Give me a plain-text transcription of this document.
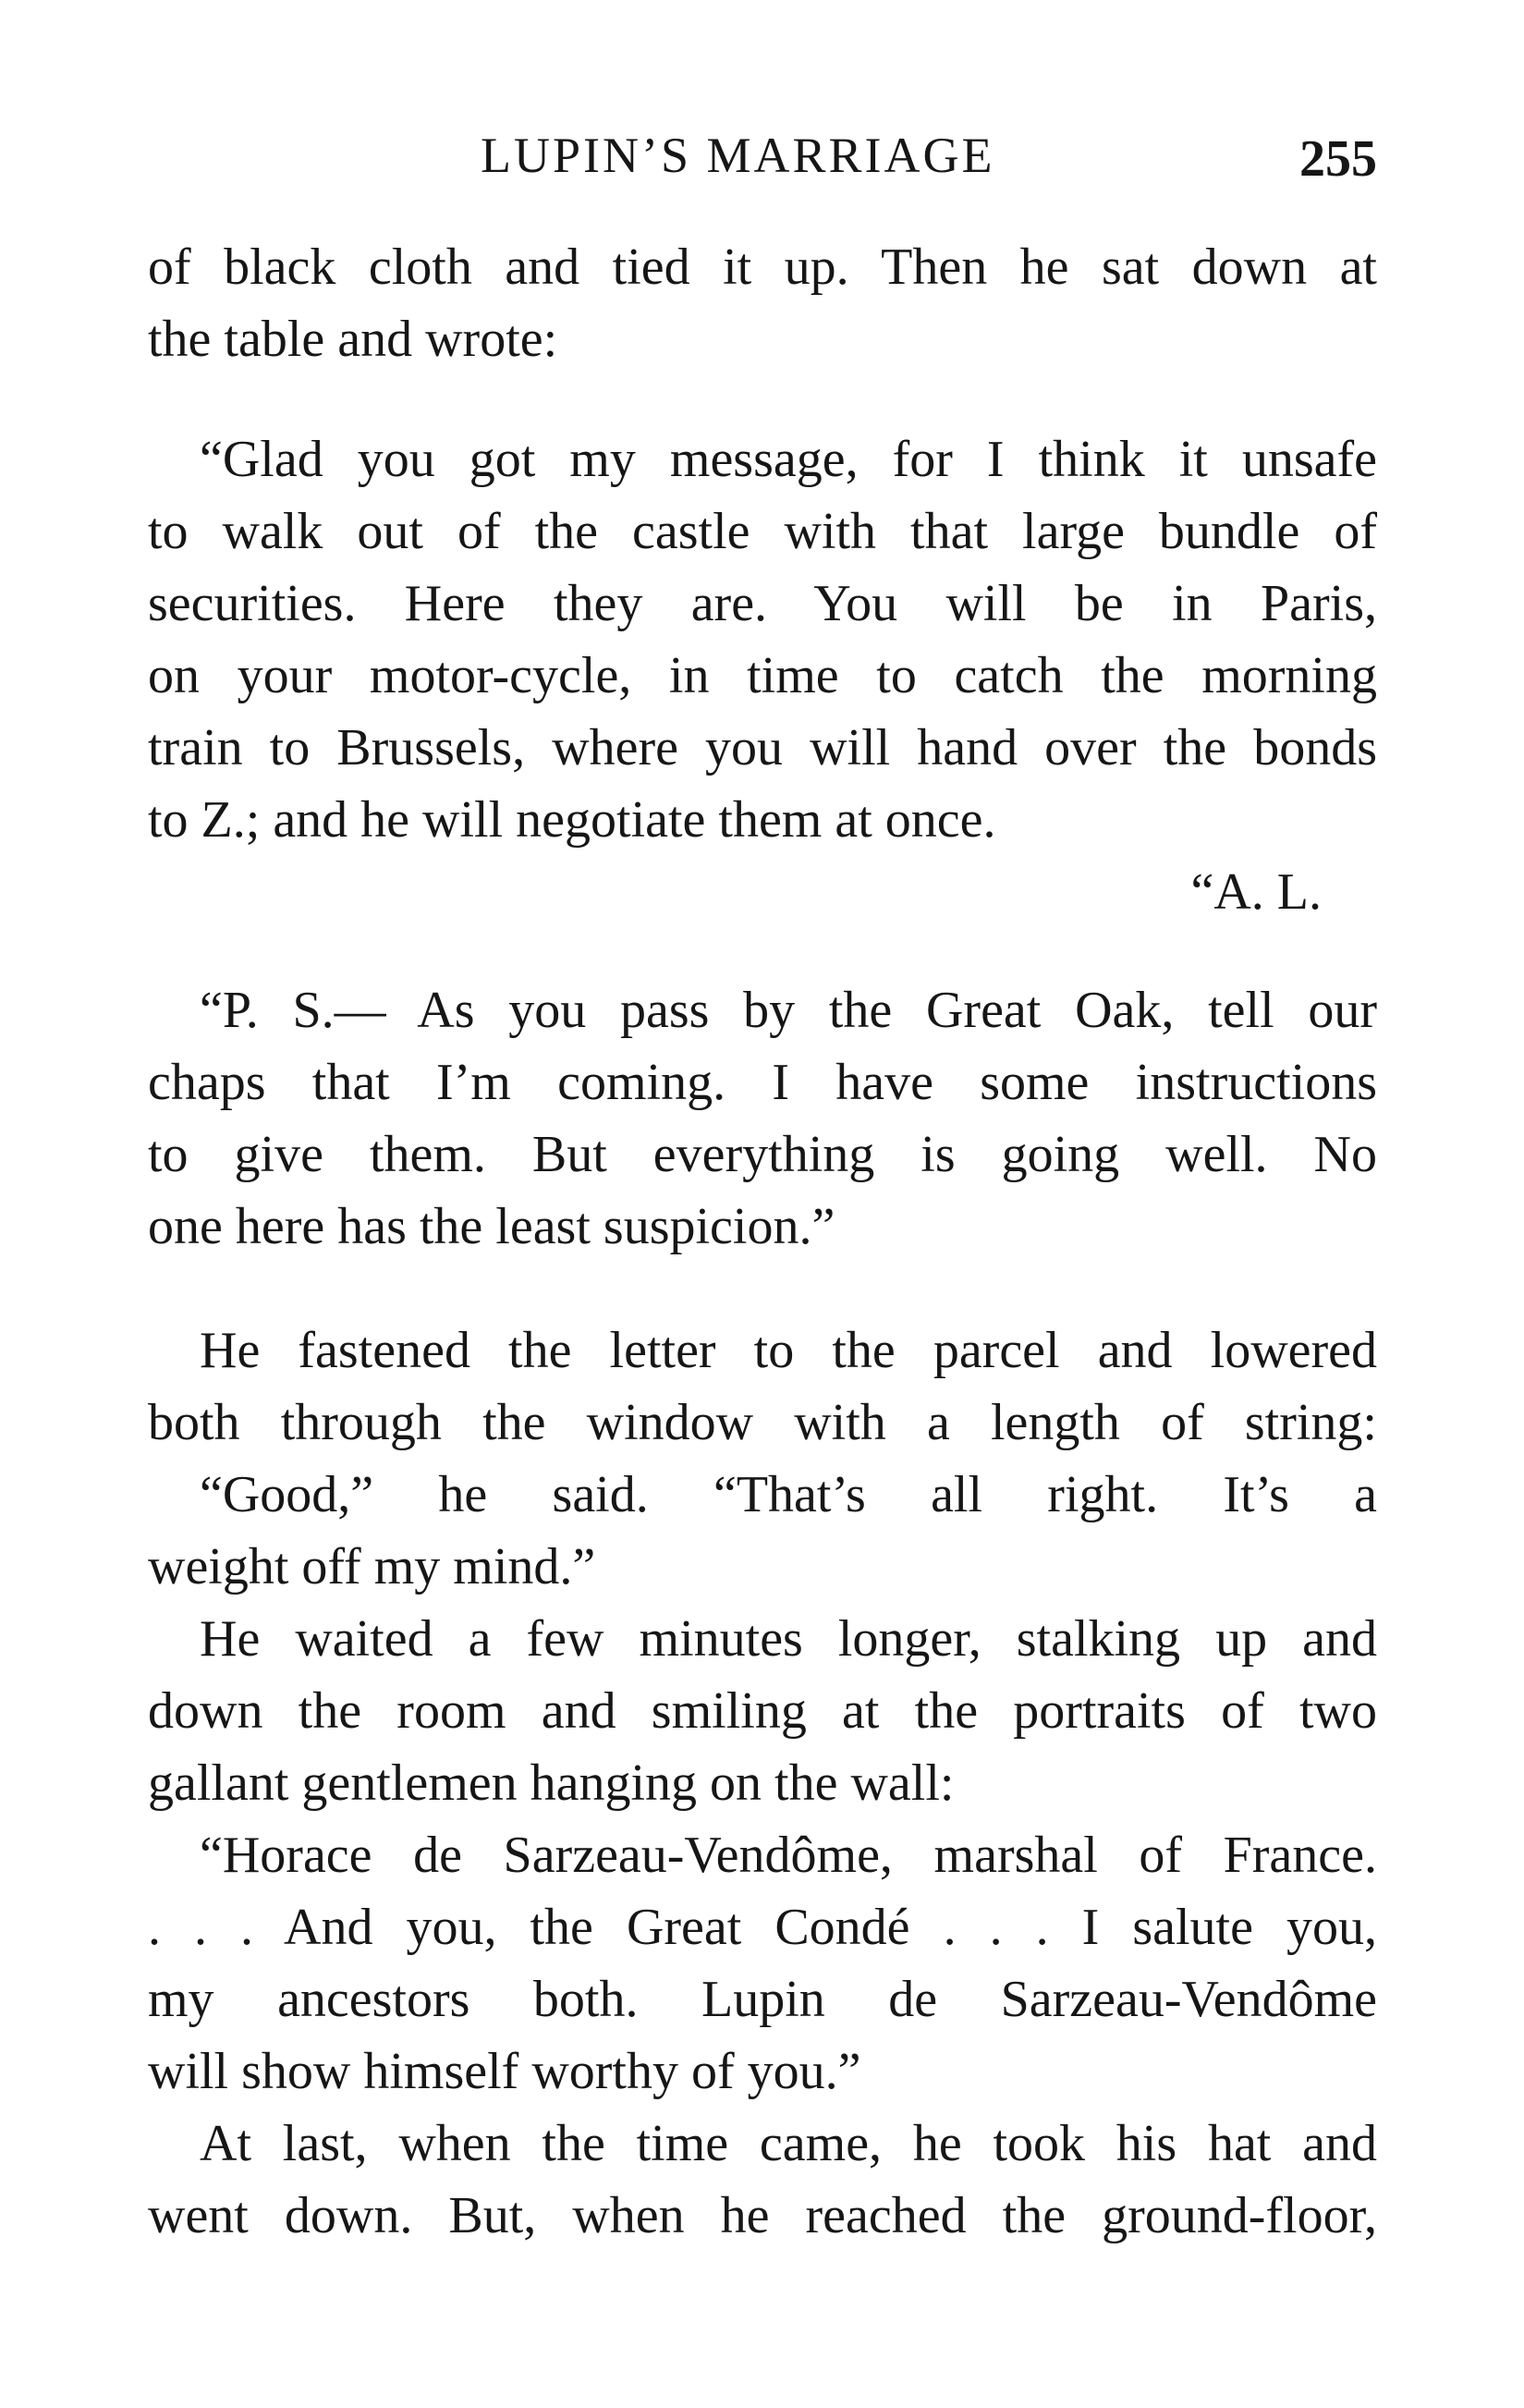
LUPIN’S MARRIAGE	255
of black cloth and tied it up. Then he sat down at
the table and wrote:
“Glad you got my message, for I think it unsafe
to walk out of the castle with that large bundle of
securities. Here they are. You will be in Paris,
on your motor-cycle, in time to catch the morning
train to Brussels, where you will hand over the bonds
to Z.; and he will negotiate them at once.
“A. L.
“P. S.— As you pass by the Great Oak, tell our
chaps that I’m coming. I have some instructions
to give them. But everything is going well. No
one here has the least suspicion.”
He fastened the letter to the parcel and lowered
both through the window with a length of string:
“Good,” he said. “That’s all right. It’s a
weight off my mind.”
He waited a few minutes longer, stalking up and
down the room and smiling at the portraits of two
gallant gentlemen hanging on the wall:
“Horace de Sarzeau-Vendôme, marshal of France.
. . . And you, the Great Condé . . . I salute you,
my ancestors both. Lupin de Sarzeau-Vendôme
will show himself worthy of you.”
At last, when the time came, he took his hat and
went down. But, when he reached the ground-floor,
